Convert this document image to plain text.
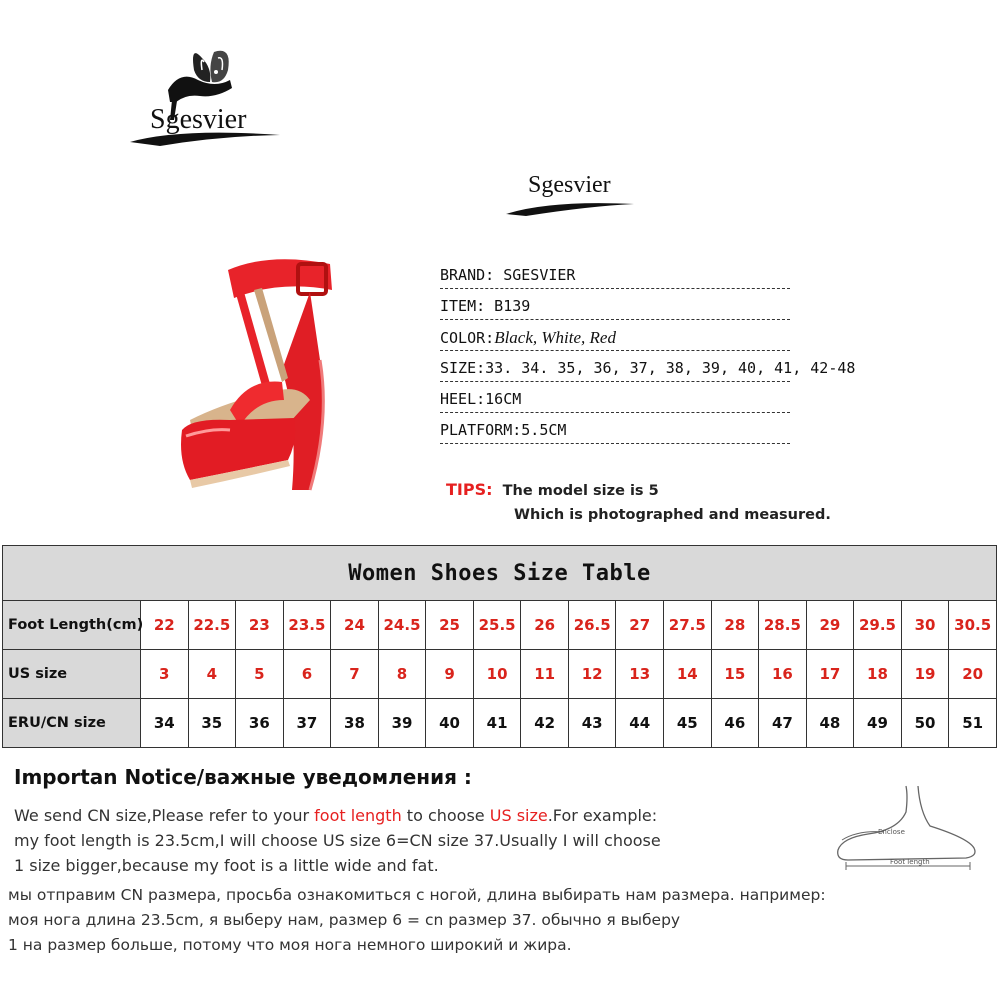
Sgesvier
Sgesvier
BRAND: SGESVIER
ITEM: B139
COLOR:Black, White, Red
SIZE:33. 34. 35, 36, 37, 38, 39, 40, 41, 42-48
HEEL:16CM
PLATFORM:5.5CM
TIPS: The model size is 5
Which is photographed and measured.
Women Shoes Size Table																		
Foot Length(cm)	22	22.5	23	23.5	24	24.5	25	25.5	26	26.5	27	27.5	28	28.5	29	29.5	30	30.5
US size	3	4	5	6	7	8	9	10	11	12	13	14	15	16	17	18	19	20
ERU/CN size	34	35	36	37	38	39	40	41	42	43	44	45	46	47	48	49	50	51
Importan Notice/важные уведомления :
We send CN size,Please refer to your foot length to choose US size.For example:
my foot length is 23.5cm,I will choose US size 6=CN size 37.Usually I will choose
1 size bigger,because my foot is a little wide and fat.
мы отправим CN размера, просьба ознакомиться с ногой, длина выбирать нам размера. например:
моя нога длина 23.5cm, я выберу нам, размер 6 = cn размер 37. обычно я выберу
1 на размер больше, потому что моя нога немного широкий и жира.
Enclose
Foot length
